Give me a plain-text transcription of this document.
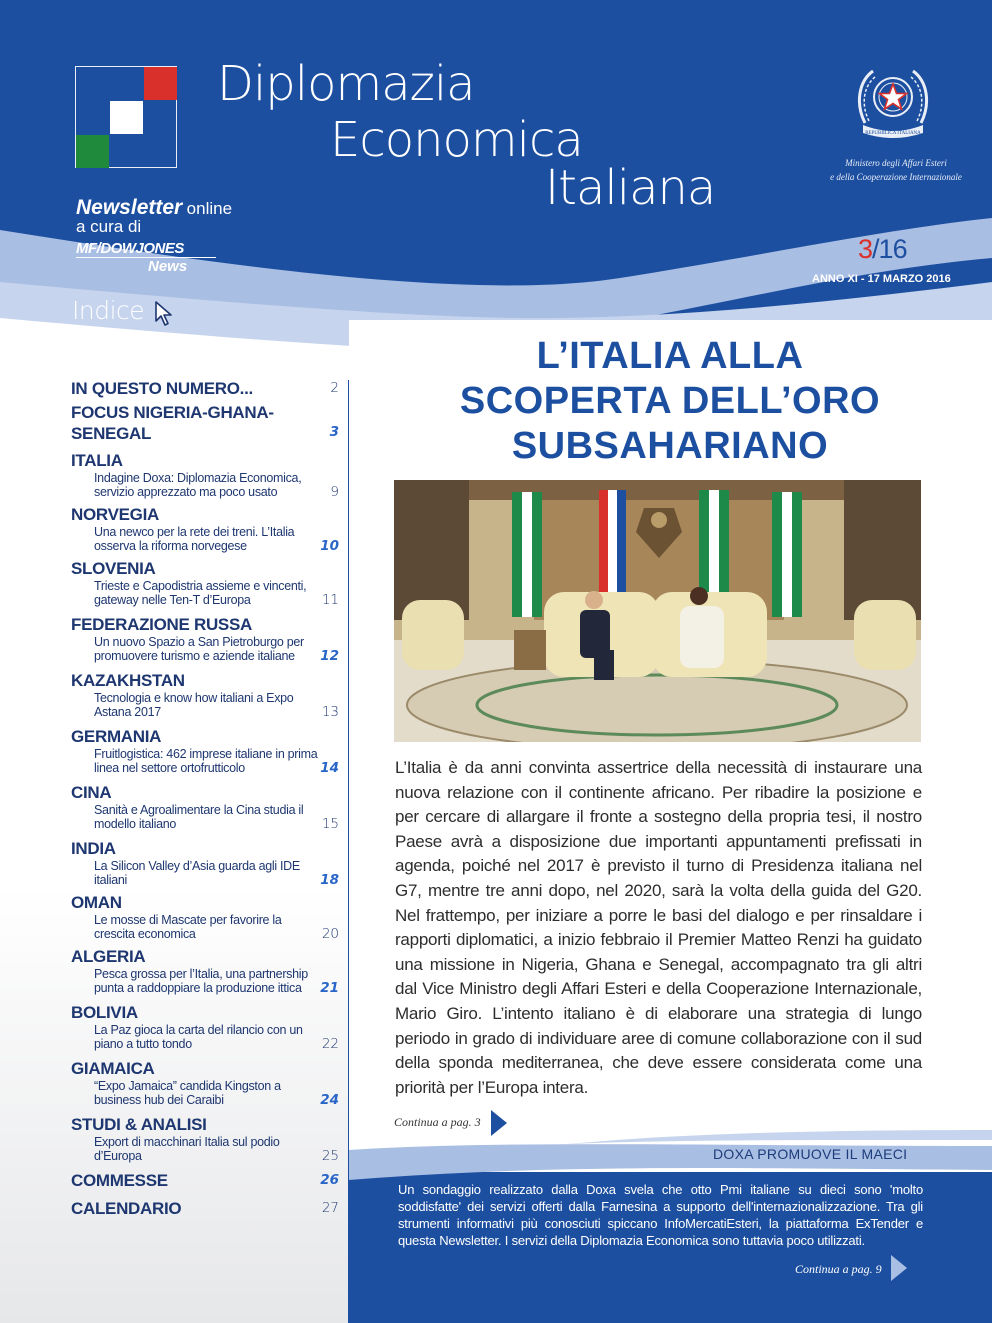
Diplomazia
Economica
Italiana
Newsletter online
a cura di
MF/DOWJONES
News
REPUBBLICA ITALIANA
Ministero degli Affari Esteri
e della Cooperazione Internazionale
3/16
ANNO XI - 17 MARZO 2016
Indice
IN QUESTO NUMERO...	2
FOCUS NIGERIA-GHANA-SENEGAL	3
ITALIA
Indagine Doxa: Diplomazia Economica, servizio apprezzato ma poco usato	9
NORVEGIA
Una newco per la rete dei treni. L’Italia osserva la riforma norvegese	10
SLOVENIA
Trieste e Capodistria assieme e vincenti, gateway nelle Ten-T d’Europa	11
FEDERAZIONE RUSSA
Un nuovo Spazio a San Pietroburgo per promuovere turismo e aziende italiane	12
KAZAKHSTAN
Tecnologia e know how italiani a Expo Astana 2017	13
GERMANIA
Fruitlogistica: 462 imprese italiane in prima linea nel settore ortofrutticolo	14
CINA
Sanità e Agroalimentare la Cina studia il modello italiano	15
INDIA
La Silicon Valley d’Asia guarda agli IDE italiani	18
OMAN
Le mosse di Mascate per favorire la crescita economica	20
ALGERIA
Pesca grossa per l’Italia, una partnership punta a raddoppiare la produzione ittica	21
BOLIVIA
La Paz gioca la carta del rilancio con un piano a tutto tondo	22
GIAMAICA
“Expo Jamaica” candida Kingston a business hub dei Caraibi	24
STUDI & ANALISI
Export di macchinari Italia sul podio d’Europa	25
COMMESSE	26
CALENDARIO	27
L’ITALIA ALLA
SCOPERTA DELL’ORO
SUBSAHARIANO

L’Italia è da anni convinta assertrice della necessità di instaurare una nuova relazione con il continente africano. Per ribadire la posizione e per cercare di allargare il fronte a sostegno della propria tesi, il nostro Paese avrà a disposizione due importanti appuntamenti prefissati in agenda, poiché nel 2017 è previsto il turno di Presidenza italiana nel G7, mentre tre anni dopo, nel 2020, sarà la volta della guida del G20. Nel frattempo, per iniziare a porre le basi del dialogo e per rinsaldare i rapporti diplomatici, a inizio febbraio il Premier Matteo Renzi ha guidato una missione in Nigeria, Ghana e Senegal, accompagnato tra gli altri dal Vice Ministro degli Affari Esteri e della Cooperazione Internazionale, Mario Giro. L’intento italiano è di elaborare una strategia di lungo periodo in grado di individuare aree di comune collaborazione con il sud della sponda mediterranea, che deve essere considerata come una priorità per l’Europa intera.

Continua a pag. 3
DOXA PROMUOVE IL MAECI

Un sondaggio realizzato dalla Doxa svela che otto Pmi italiane su dieci sono 'molto soddisfatte' dei servizi offerti dalla Farnesina a supporto dell'internazionalizzazione. Tra gli strumenti informativi più conosciuti spiccano InfoMercatiEsteri, la piattaforma ExTender e questa Newsletter. I servizi della Diplomazia Economica sono tuttavia poco utilizzati.

Continua a pag. 9
